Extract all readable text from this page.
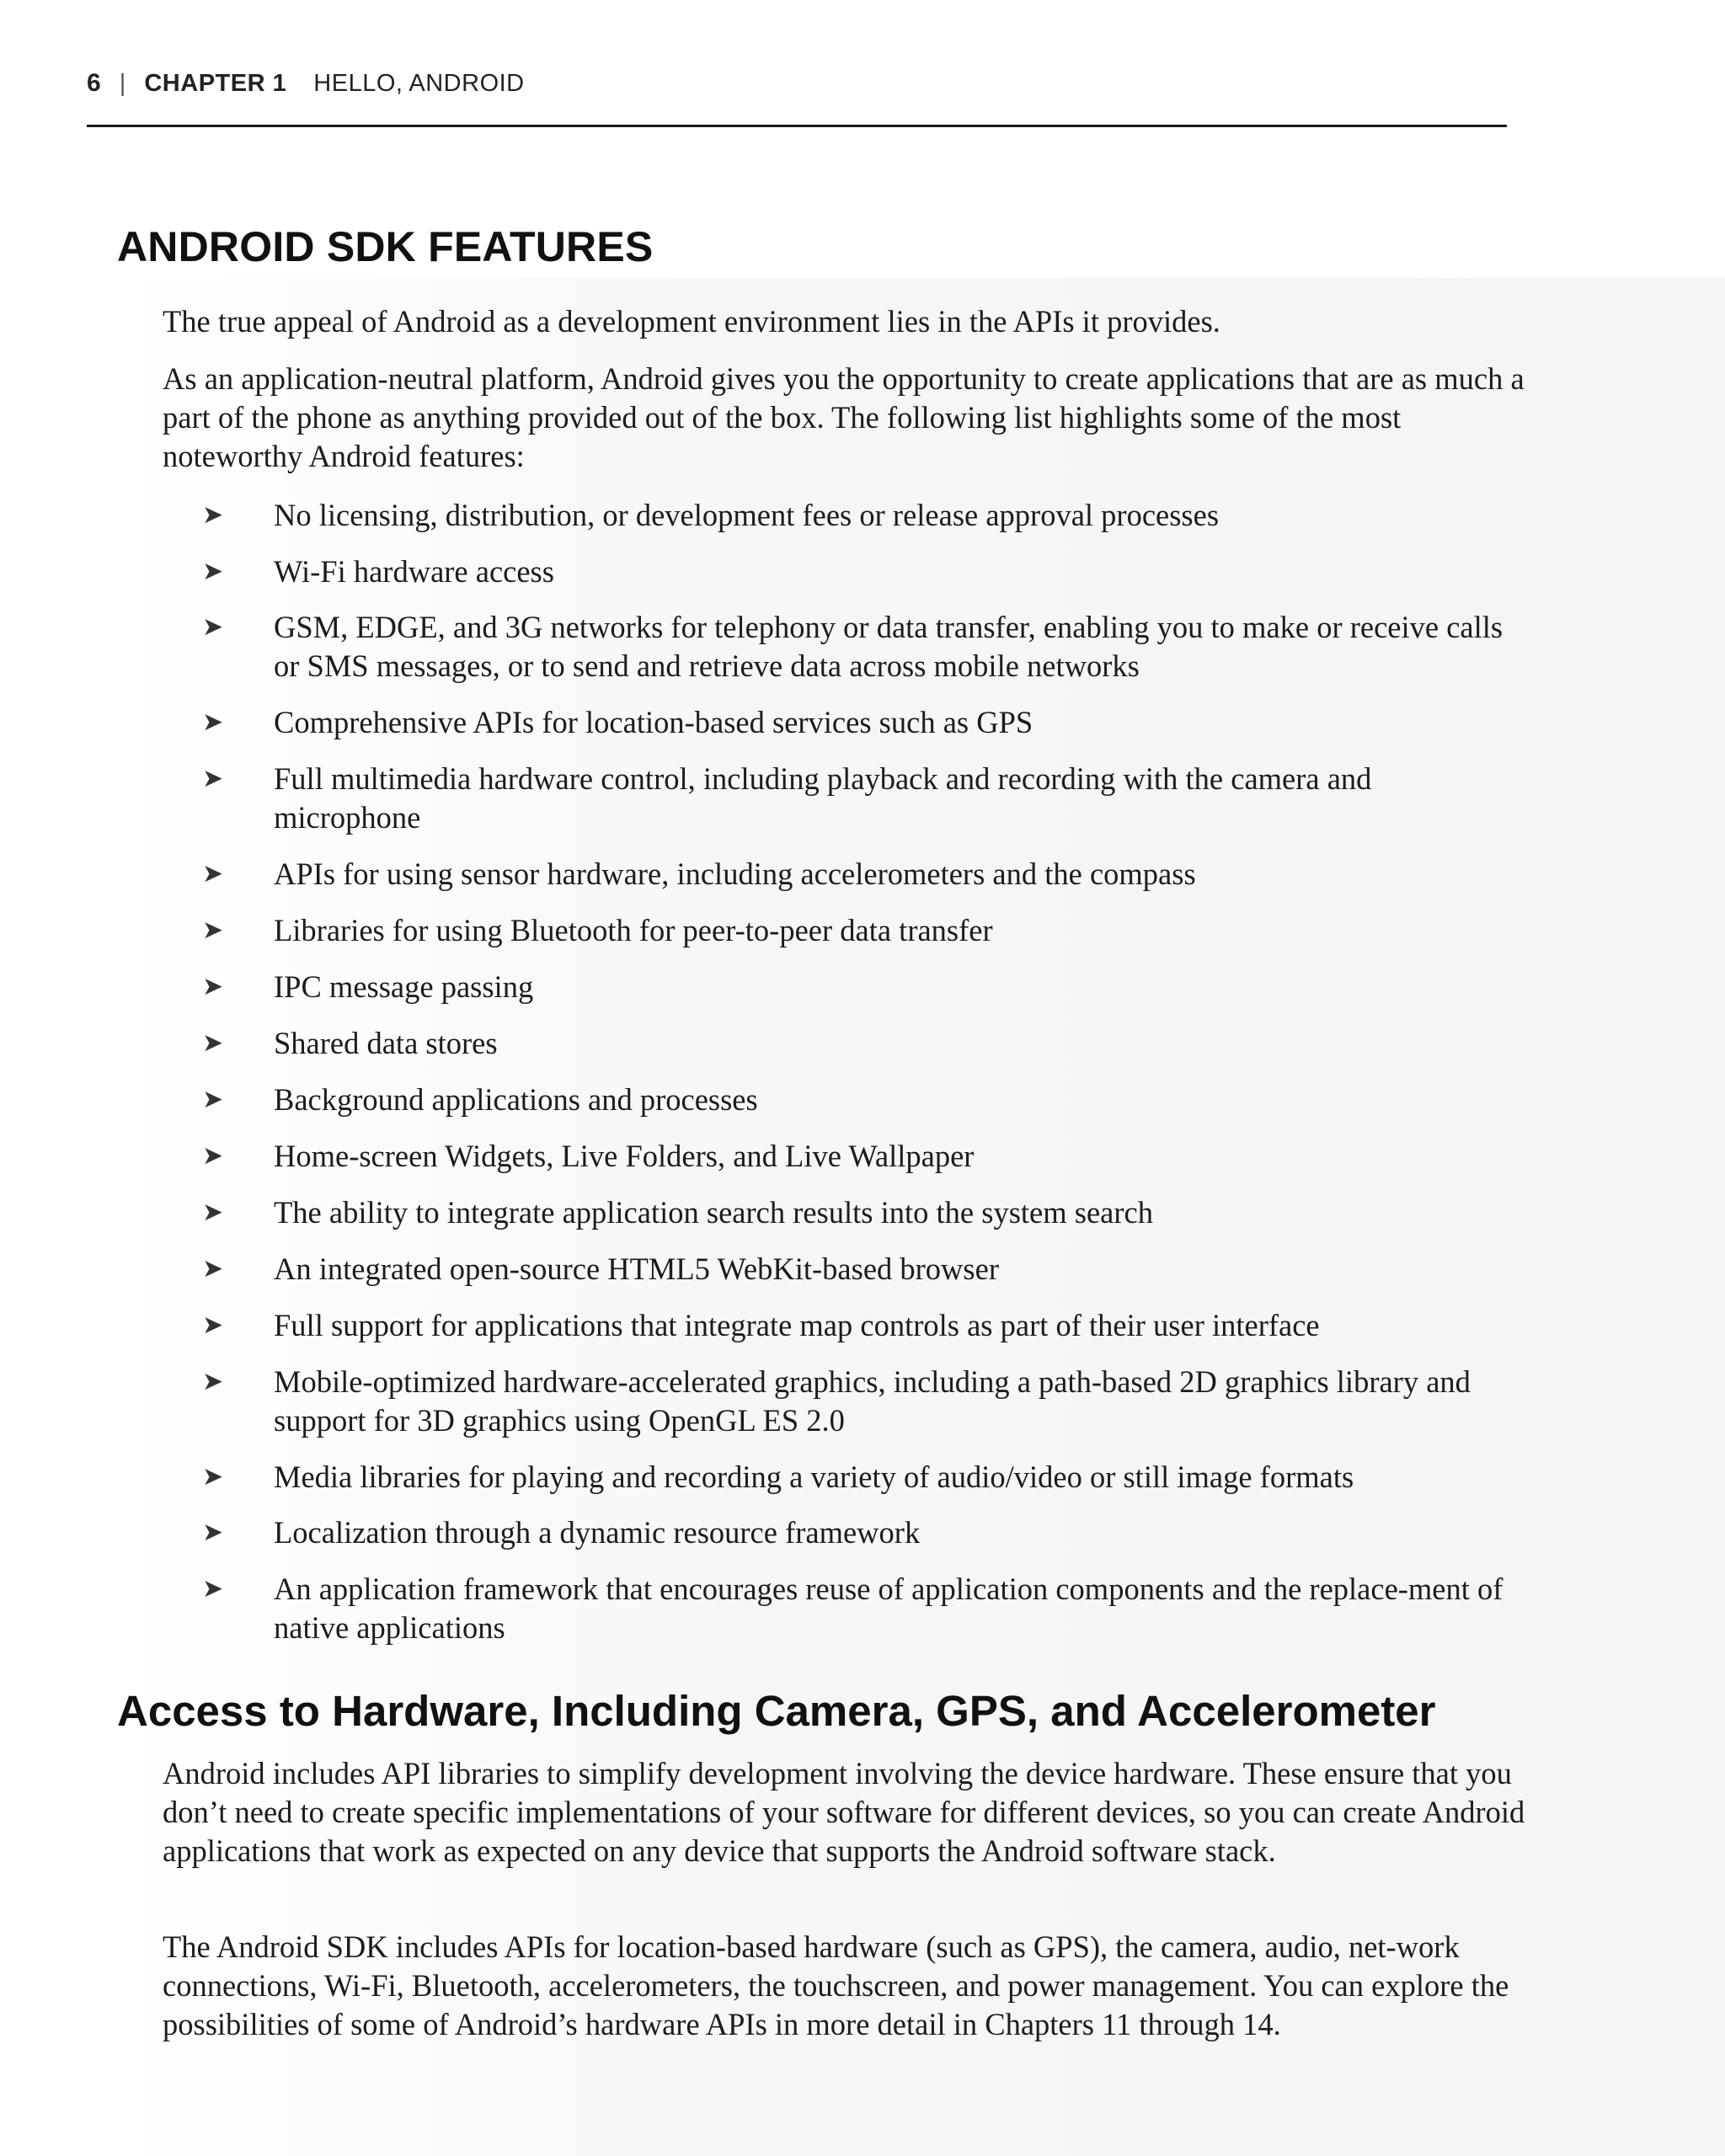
6 | CHAPTER 1 HELLO, ANDROID
ANDROID SDK FEATURES

The true appeal of Android as a development environment lies in the APIs it provides.

As an application-neutral platform, Android gives you the opportunity to create applications that are as much a part of the phone as anything provided out of the box. The following list highlights some of the most noteworthy Android features:

➤ No licensing, distribution, or development fees or release approval processes
➤ Wi-Fi hardware access
➤ GSM, EDGE, and 3G networks for telephony or data transfer, enabling you to make or receive calls or SMS messages, or to send and retrieve data across mobile networks
➤ Comprehensive APIs for location-based services such as GPS
➤ Full multimedia hardware control, including playback and recording with the camera and microphone
➤ APIs for using sensor hardware, including accelerometers and the compass
➤ Libraries for using Bluetooth for peer-to-peer data transfer
➤ IPC message passing
➤ Shared data stores
➤ Background applications and processes
➤ Home-screen Widgets, Live Folders, and Live Wallpaper
➤ The ability to integrate application search results into the system search
➤ An integrated open-source HTML5 WebKit-based browser
➤ Full support for applications that integrate map controls as part of their user interface
➤ Mobile-optimized hardware-accelerated graphics, including a path-based 2D graphics library and support for 3D graphics using OpenGL ES 2.0
➤ Media libraries for playing and recording a variety of audio/video or still image formats
➤ Localization through a dynamic resource framework
➤ An application framework that encourages reuse of application components and the replace-ment of native applications
Access to Hardware, Including Camera, GPS, and Accelerometer

Android includes API libraries to simplify development involving the device hardware. These ensure that you don’t need to create specific implementations of your software for different devices, so you can create Android applications that work as expected on any device that supports the Android software stack.

The Android SDK includes APIs for location-based hardware (such as GPS), the camera, audio, net-work connections, Wi-Fi, Bluetooth, accelerometers, the touchscreen, and power management. You can explore the possibilities of some of Android’s hardware APIs in more detail in Chapters 11 through 14.
